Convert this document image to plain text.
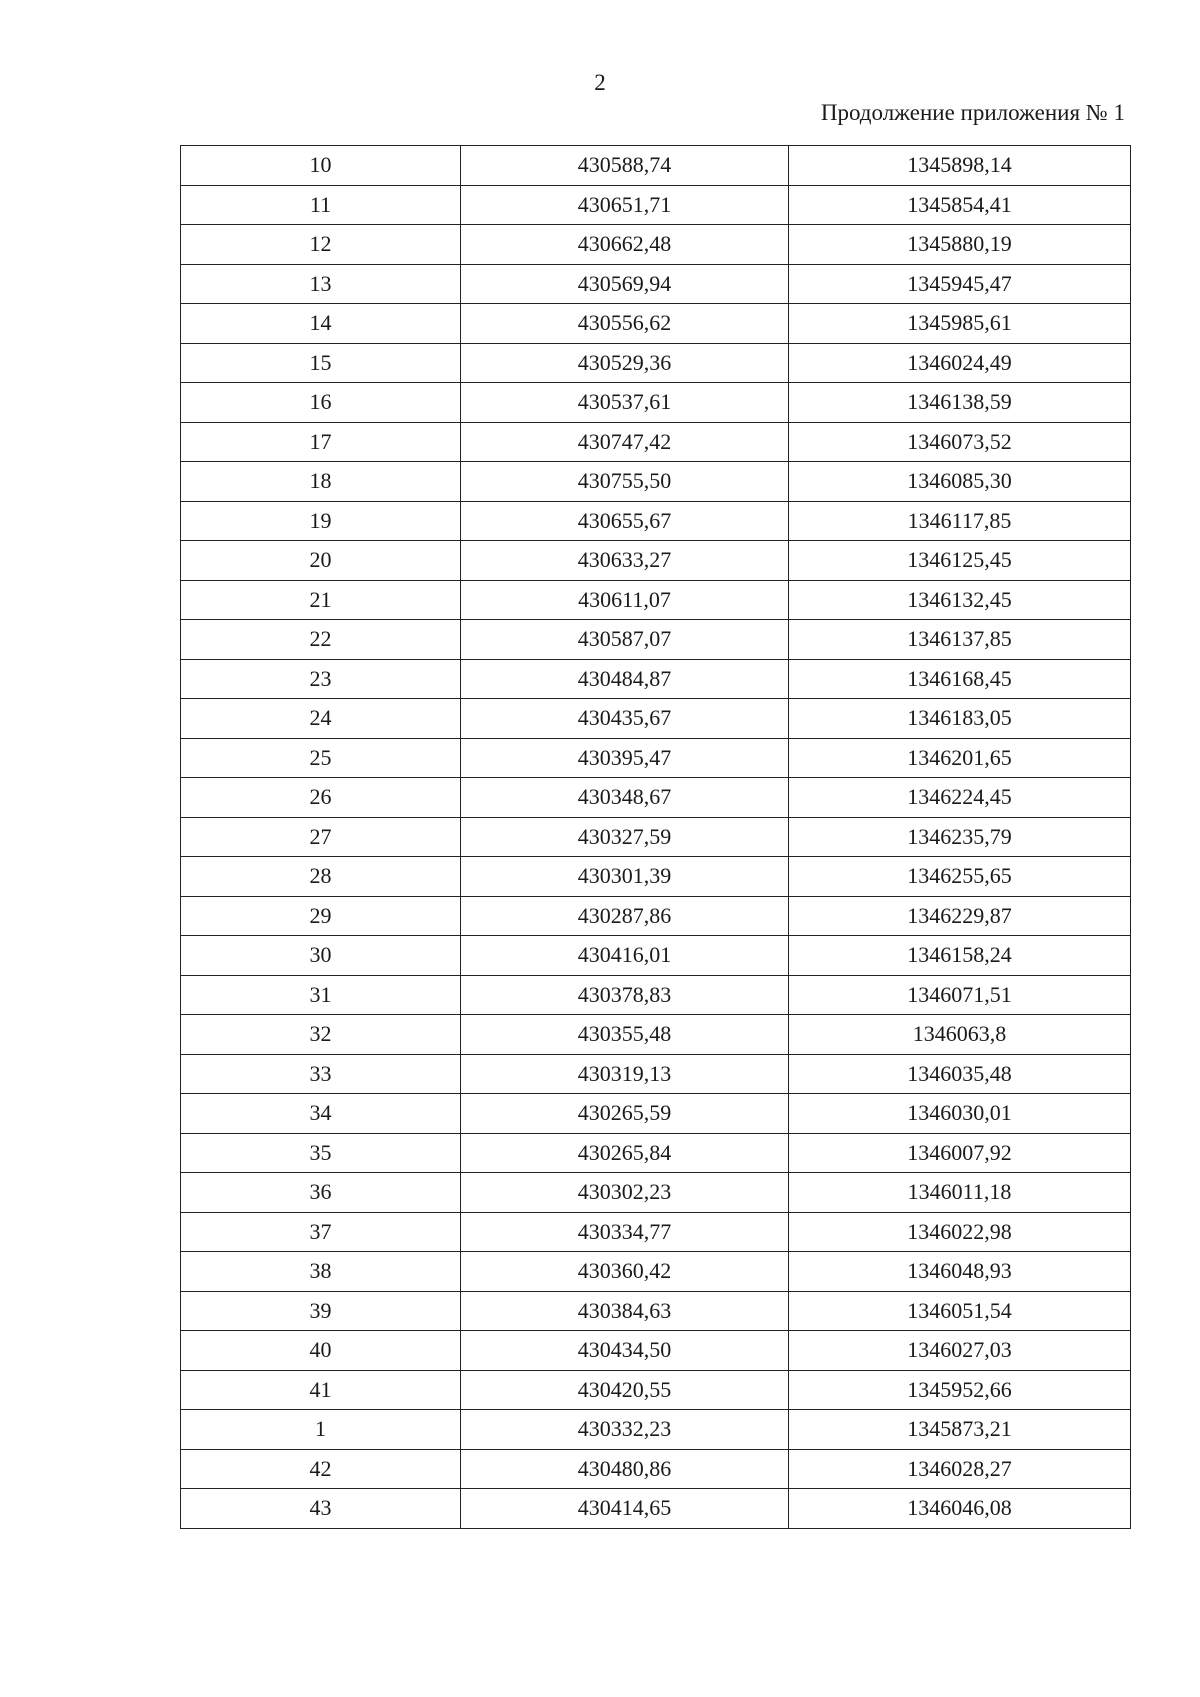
2
Продолжение приложения № 1
10	430588,74	1345898,14
11	430651,71	1345854,41
12	430662,48	1345880,19
13	430569,94	1345945,47
14	430556,62	1345985,61
15	430529,36	1346024,49
16	430537,61	1346138,59
17	430747,42	1346073,52
18	430755,50	1346085,30
19	430655,67	1346117,85
20	430633,27	1346125,45
21	430611,07	1346132,45
22	430587,07	1346137,85
23	430484,87	1346168,45
24	430435,67	1346183,05
25	430395,47	1346201,65
26	430348,67	1346224,45
27	430327,59	1346235,79
28	430301,39	1346255,65
29	430287,86	1346229,87
30	430416,01	1346158,24
31	430378,83	1346071,51
32	430355,48	1346063,8
33	430319,13	1346035,48
34	430265,59	1346030,01
35	430265,84	1346007,92
36	430302,23	1346011,18
37	430334,77	1346022,98
38	430360,42	1346048,93
39	430384,63	1346051,54
40	430434,50	1346027,03
41	430420,55	1345952,66
1	430332,23	1345873,21
42	430480,86	1346028,27
43	430414,65	1346046,08
